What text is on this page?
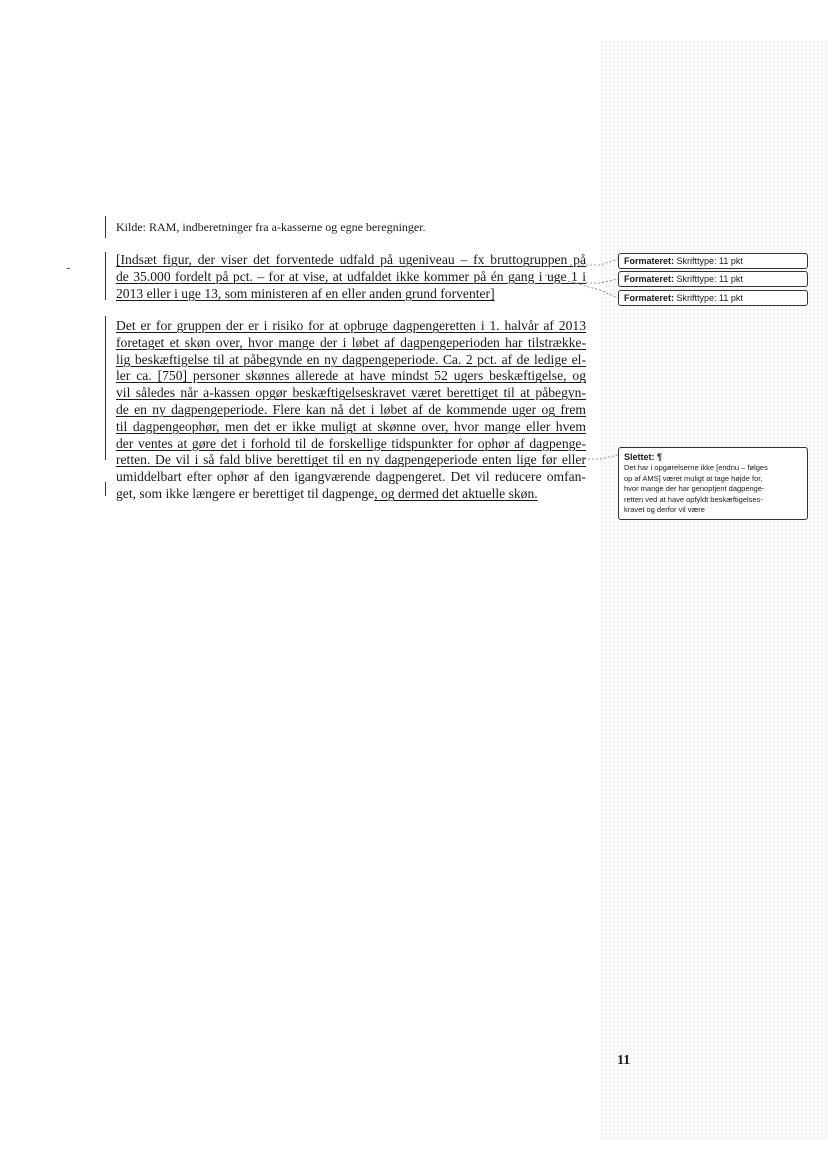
Kilde: RAM, indberetninger fra a-kasserne og egne beregninger.
[Indsæt figur, der viser det forventede udfald på ugeniveau – fx bruttogruppen på
de 35.000 fordelt på pct. – for at vise, at udfaldet ikke kommer på én gang i uge 1 i
2013 eller i uge 13, som ministeren af en eller anden grund forventer]
Det er for gruppen der er i risiko for at opbruge dagpengeretten i 1. halvår af 2013
foretaget et skøn over, hvor mange der i løbet af dagpengeperioden har tilstrække-
lig beskæftigelse til at påbegynde en ny dagpengeperiode. Ca. 2 pct. af de ledige el-
ler ca. [750] personer skønnes allerede at have mindst 52 ugers beskæftigelse, og
vil således når a-kassen opgør beskæftigelseskravet været berettiget til at påbegyn-
de en ny dagpengeperiode. Flere kan nå det i løbet af de kommende uger og frem
til dagpengeophør, men det er ikke muligt at skønne over, hvor mange eller hvem
der ventes at gøre det i forhold til de forskellige tidspunkter for ophør af dagpenge-
retten. De vil i så fald blive berettiget til en ny dagpengeperiode enten lige før eller
umiddelbart efter ophør af den igangværende dagpengeret. Det vil reducere omfan-
get, som ikke længere er berettiget til dagpenge, og dermed det aktuelle skøn.
Formateret: Skrifttype: 11 pkt
Formateret: Skrifttype: 11 pkt
Formateret: Skrifttype: 11 pkt
Slettet: ¶
Det har i opgørelserne ikke [endnu – følges
op af AMS] været muligt at tage højde for,
hvor mange der har genoptjent dagpenge-
retten ved at have opfyldt beskæftigelses-
kravet og derfor vil være
11
